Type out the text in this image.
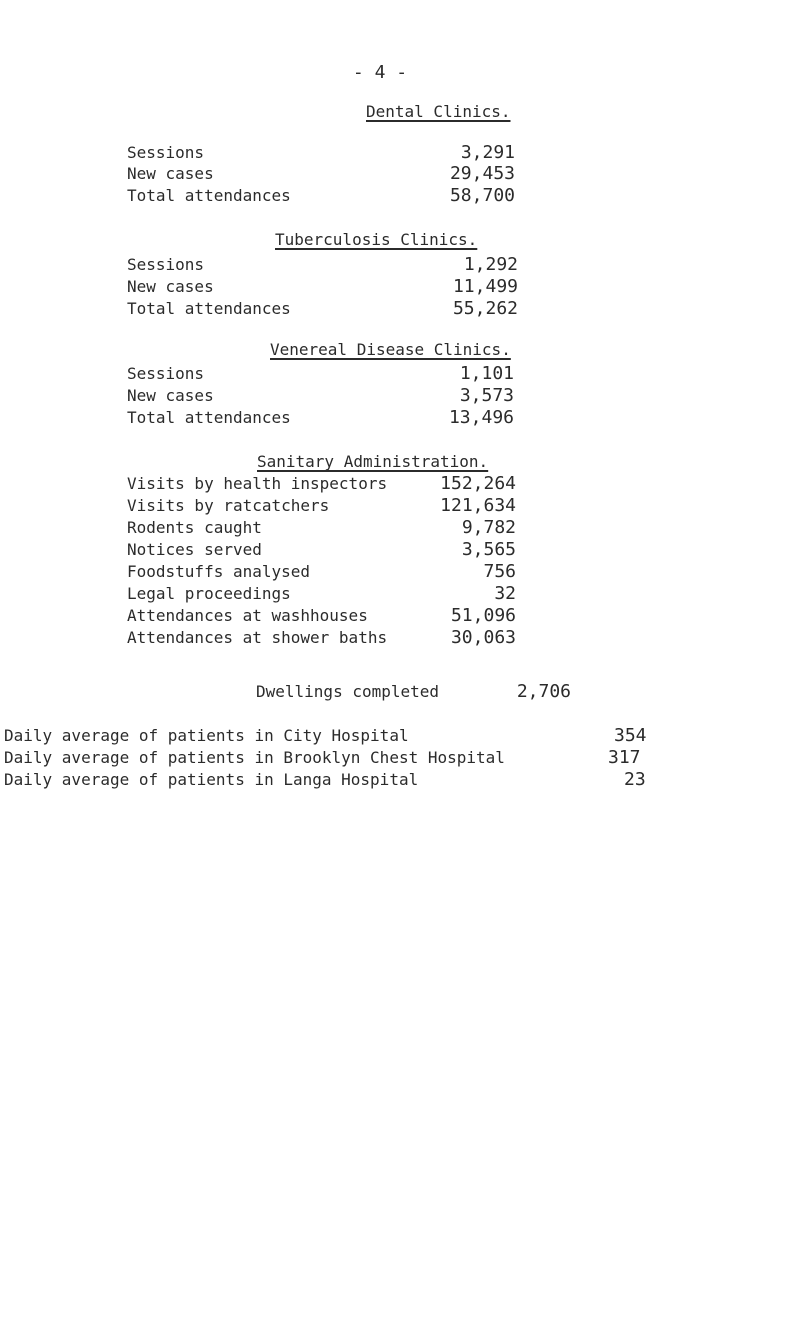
- 4 -
Dental Clinics.
Sessions	3,291
New cases	29,453
Total attendances	58,700
Tuberculosis Clinics.
Sessions	1,292
New cases	11,499
Total attendances	55,262
Venereal Disease Clinics.
Sessions	1,101
New cases	3,573
Total attendances	13,496
Sanitary Administration.
Visits by health inspectors	152,264
Visits by ratcatchers	121,634
Rodents caught	9,782
Notices served	3,565
Foodstuffs analysed	756
Legal proceedings	32
Attendances at washhouses	51,096
Attendances at shower baths	30,063
Dwellings completed	2,706
Daily average of patients in City Hospital	354
Daily average of patients in Brooklyn Chest Hospital	317
Daily average of patients in Langa Hospital	23
